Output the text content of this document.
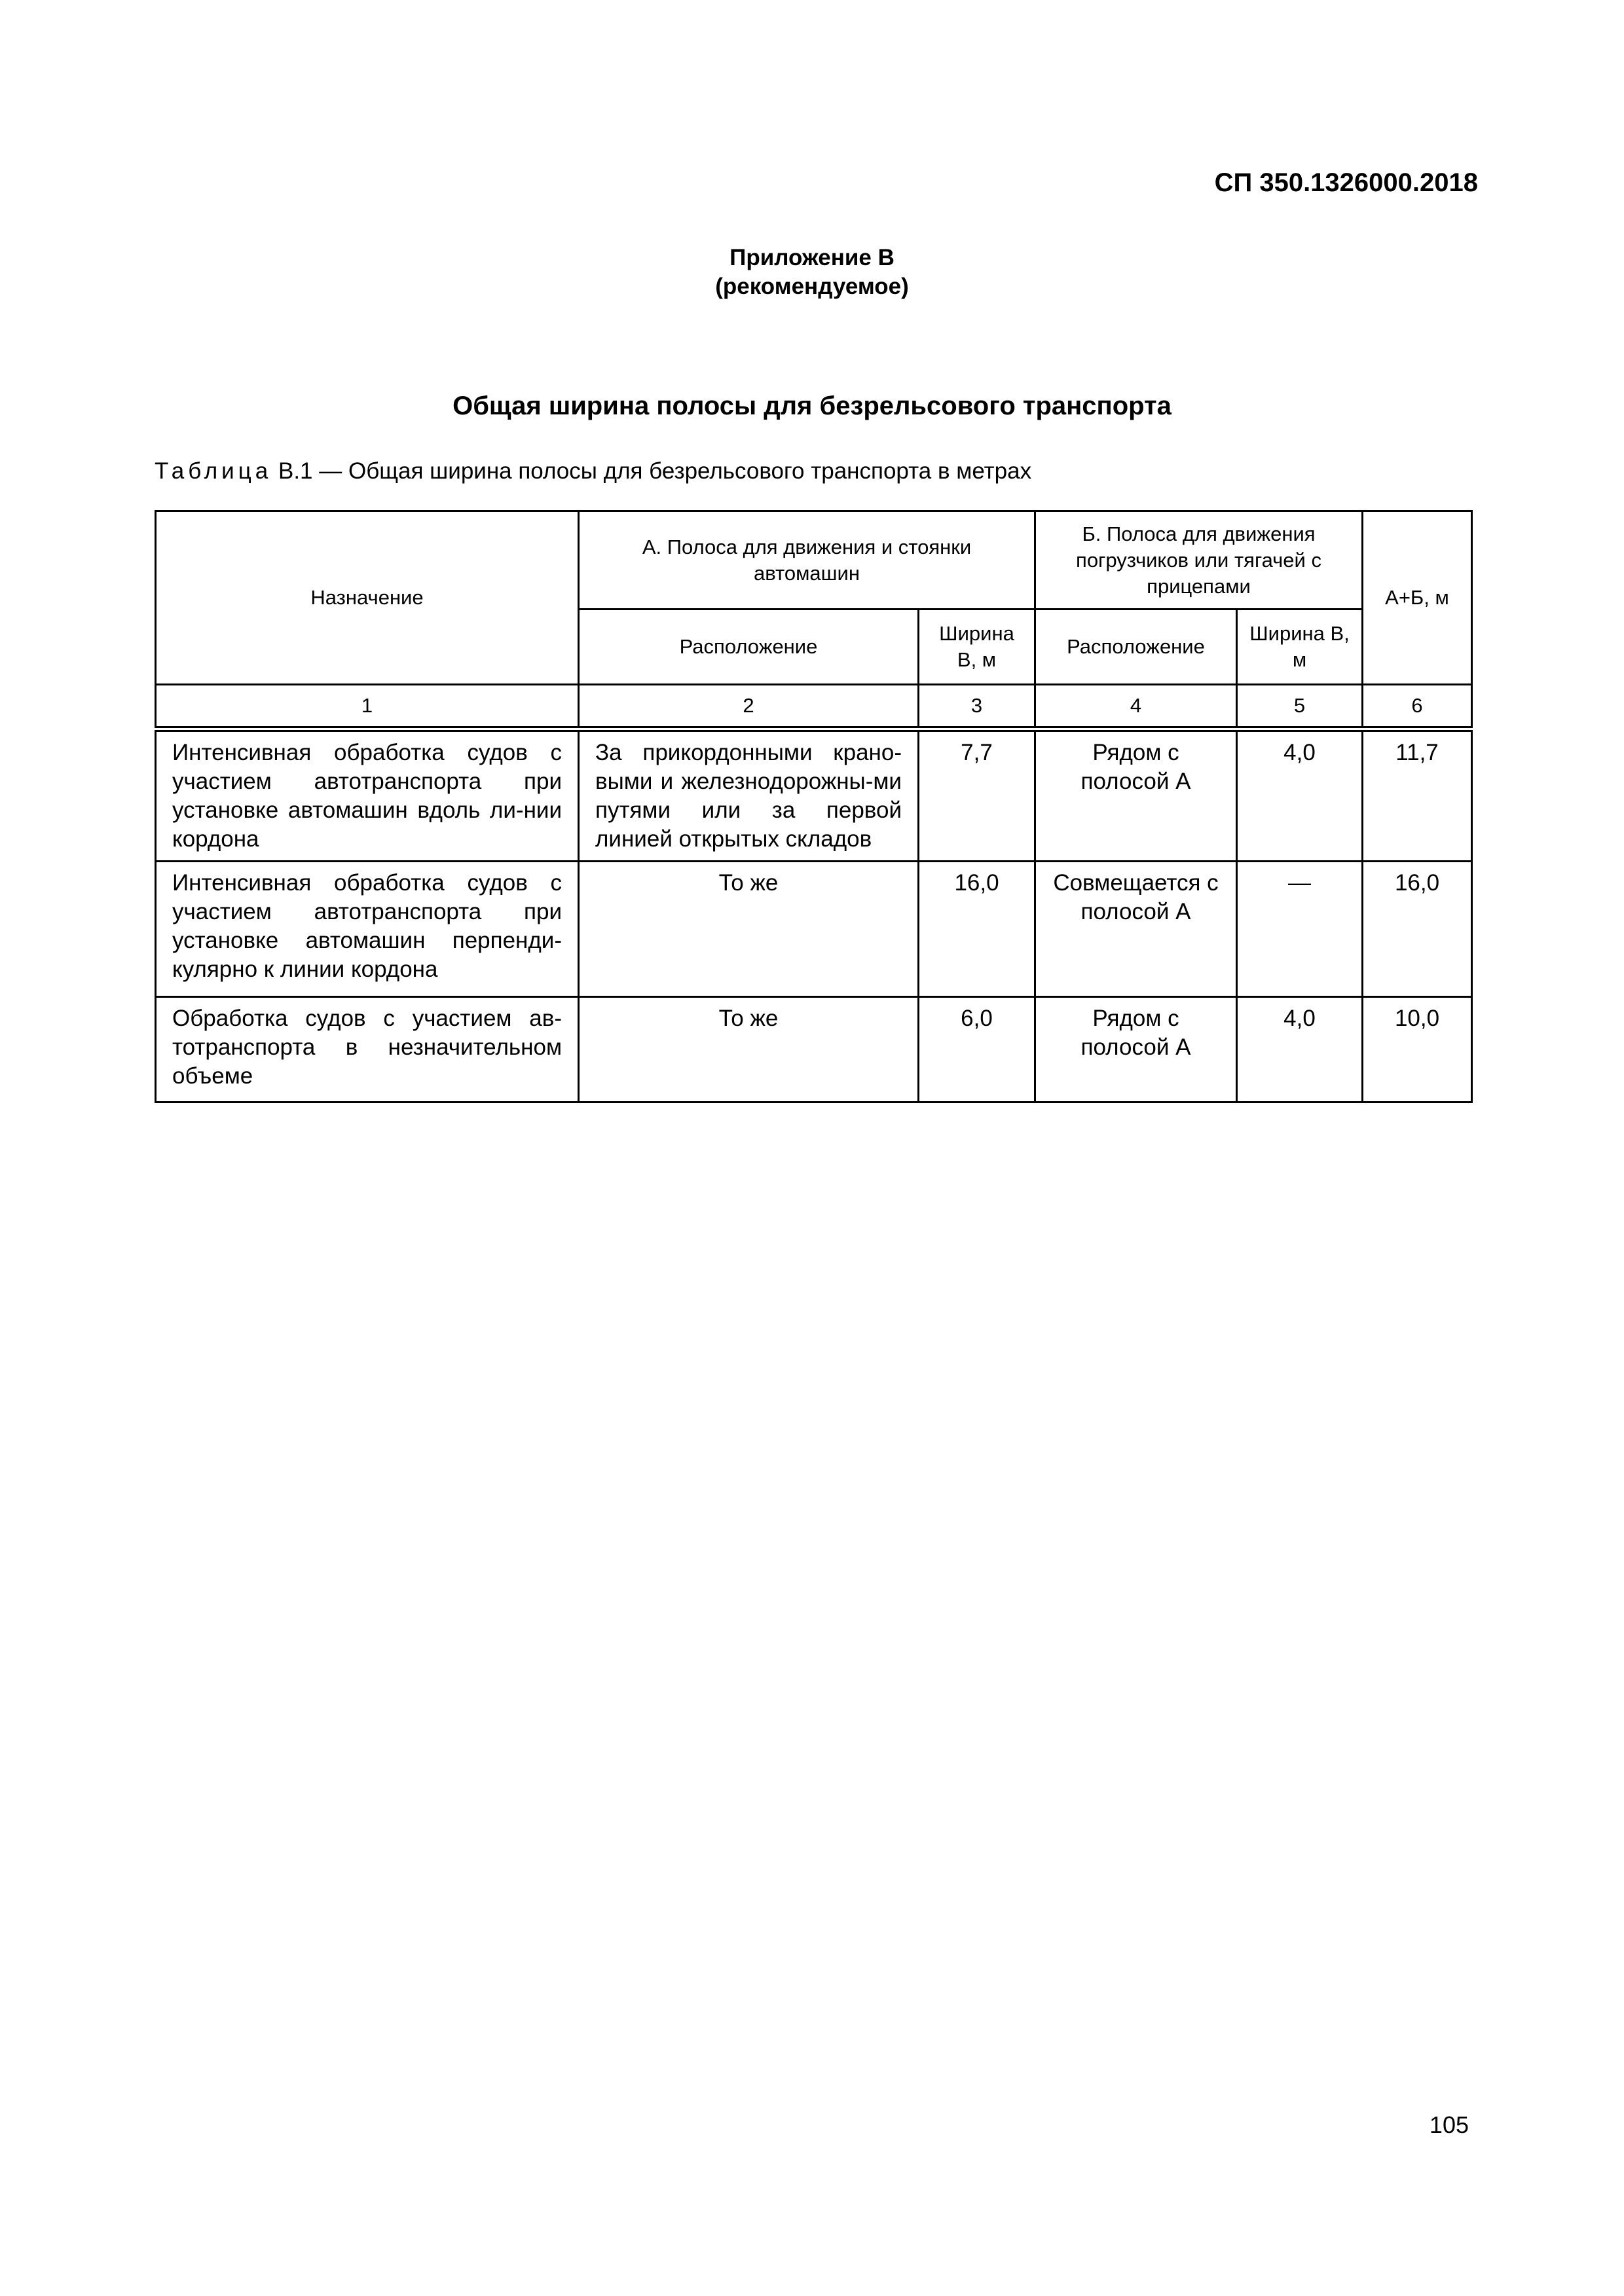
СП 350.1326000.2018
Приложение В
(рекомендуемое)
Общая ширина полосы для безрельсового транспорта
Таблица В.1 — Общая ширина полосы для безрельсового транспорта в метрах
Назначение	А. Полоса для движения и стоянки автомашин		Б. Полоса для движения погрузчиков или тягачей с прицепами		А+Б, м
	Расположение	Ширина В, м	Расположение	Ширина В, м	
1	2	3	4	5	6
Интенсивная обработка судов с участием автотранспорта при установке автомашин вдоль ли-нии кордона	За прикордонными крано-выми и железнодорожны-ми путями или за первой линией открытых складов	7,7	Рядом с полосой А	4,0	11,7
Интенсивная обработка судов с участием автотранспорта при установке автомашин перпенди-кулярно к линии кордона	То же	16,0	Совмещается с полосой А	—	16,0
Обработка судов с участием ав-тотранспорта в незначительном объеме	То же	6,0	Рядом с полосой А	4,0	10,0
105
